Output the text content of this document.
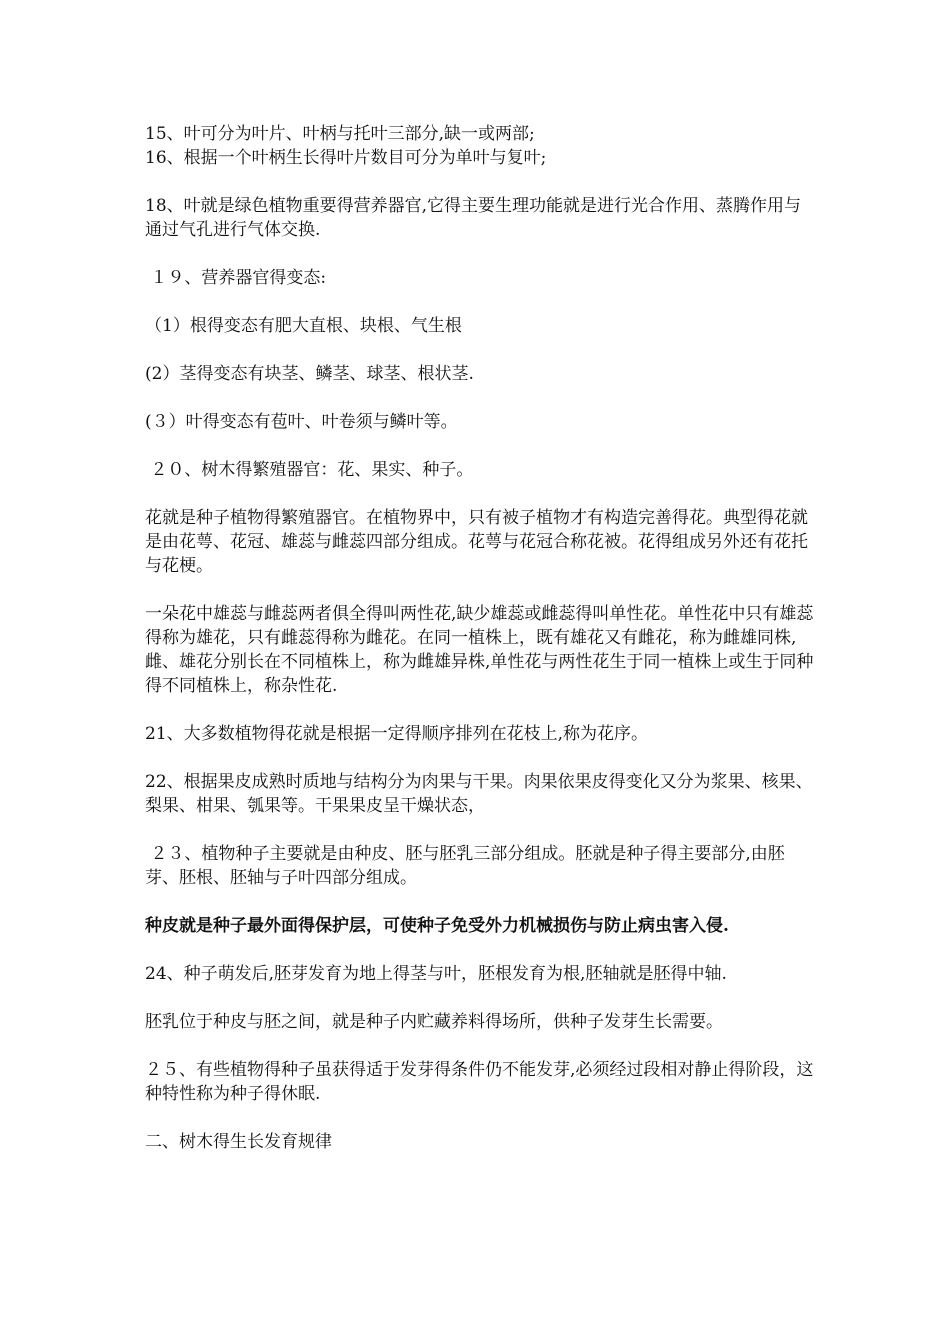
15、叶可分为叶片、叶柄与托叶三部分,缺一或两部;

16、根据一个叶柄生长得叶片数目可分为单叶与复叶;

18、叶就是绿色植物重要得营养器官,它得主要生理功能就是进行光合作用、蒸腾作用与通过气孔进行气体交换.

１９、营养器官得变态:

（1）根得变态有肥大直根、块根、气生根

(2）茎得变态有块茎、鳞茎、球茎、根状茎.

(３）叶得变态有苞叶、叶卷须与鳞叶等。

２０、树木得繁殖器官：花、果实、种子。

花就是种子植物得繁殖器官。在植物界中，只有被子植物才有构造完善得花。典型得花就是由花萼、花冠、雄蕊与雌蕊四部分组成。花萼与花冠合称花被。花得组成另外还有花托与花梗。

一朵花中雄蕊与雌蕊两者俱全得叫两性花,缺少雄蕊或雌蕊得叫单性花。单性花中只有雄蕊得称为雄花，只有雌蕊得称为雌花。在同一植株上，既有雄花又有雌花，称为雌雄同株,雌、雄花分别长在不同植株上，称为雌雄异株,单性花与两性花生于同一植株上或生于同种得不同植株上，称杂性花.

21、大多数植物得花就是根据一定得顺序排列在花枝上,称为花序。

22、根据果皮成熟时质地与结构分为肉果与干果。肉果依果皮得变化又分为浆果、核果、梨果、柑果、瓠果等。干果果皮呈干燥状态，

２３、植物种子主要就是由种皮、胚与胚乳三部分组成。胚就是种子得主要部分,由胚芽、胚根、胚轴与子叶四部分组成。

种皮就是种子最外面得保护层，可使种子免受外力机械损伤与防止病虫害入侵.

24、种子萌发后,胚芽发育为地上得茎与叶，胚根发育为根,胚轴就是胚得中轴.

胚乳位于种皮与胚之间，就是种子内贮藏养料得场所，供种子发芽生长需要。

２５、有些植物得种子虽获得适于发芽得条件仍不能发芽,必须经过段相对静止得阶段，这种特性称为种子得休眠.

二、树木得生长发育规律
